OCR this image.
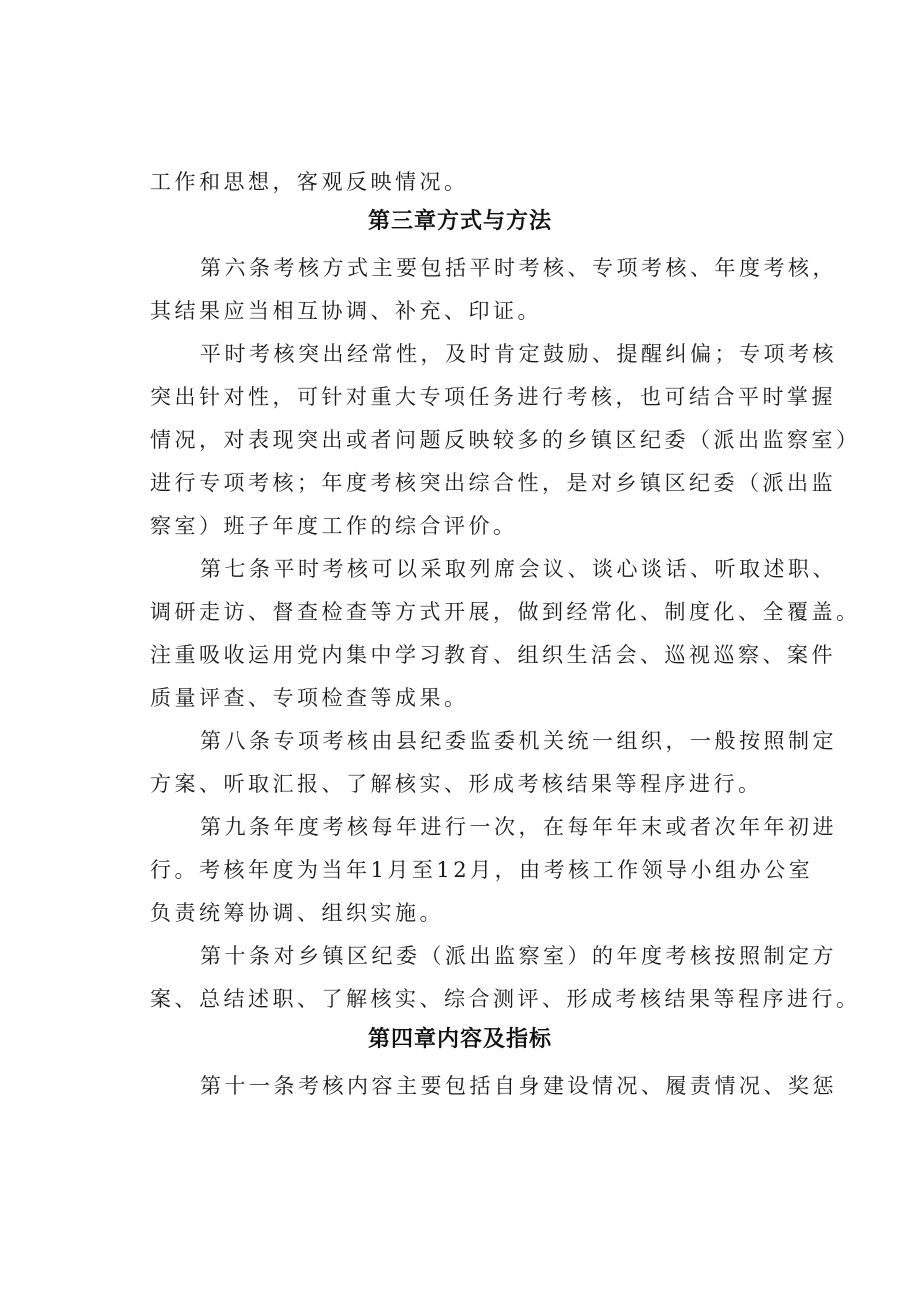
工作和思想，客观反映情况。
第三章方式与方法
第六条考核方式主要包括平时考核、专项考核、年度考核，
其结果应当相互协调、补充、印证。
平时考核突出经常性，及时肯定鼓励、提醒纠偏；专项考核
突出针对性，可针对重大专项任务进行考核，也可结合平时掌握
情况，对表现突出或者问题反映较多的乡镇区纪委（派出监察室）
进行专项考核；年度考核突出综合性，是对乡镇区纪委（派出监
察室）班子年度工作的综合评价。
第七条平时考核可以采取列席会议、谈心谈话、听取述职、
调研走访、督查检查等方式开展，做到经常化、制度化、全覆盖。
注重吸收运用党内集中学习教育、组织生活会、巡视巡察、案件
质量评查、专项检查等成果。
第八条专项考核由县纪委监委机关统一组织，一般按照制定
方案、听取汇报、了解核实、形成考核结果等程序进行。
第九条年度考核每年进行一次，在每年年末或者次年年初进
行。考核年度为当年1月至12月，由考核工作领导小组办公室
负责统筹协调、组织实施。
第十条对乡镇区纪委（派出监察室）的年度考核按照制定方
案、总结述职、了解核实、综合测评、形成考核结果等程序进行。
第四章内容及指标
第十一条考核内容主要包括自身建设情况、履责情况、奖惩
